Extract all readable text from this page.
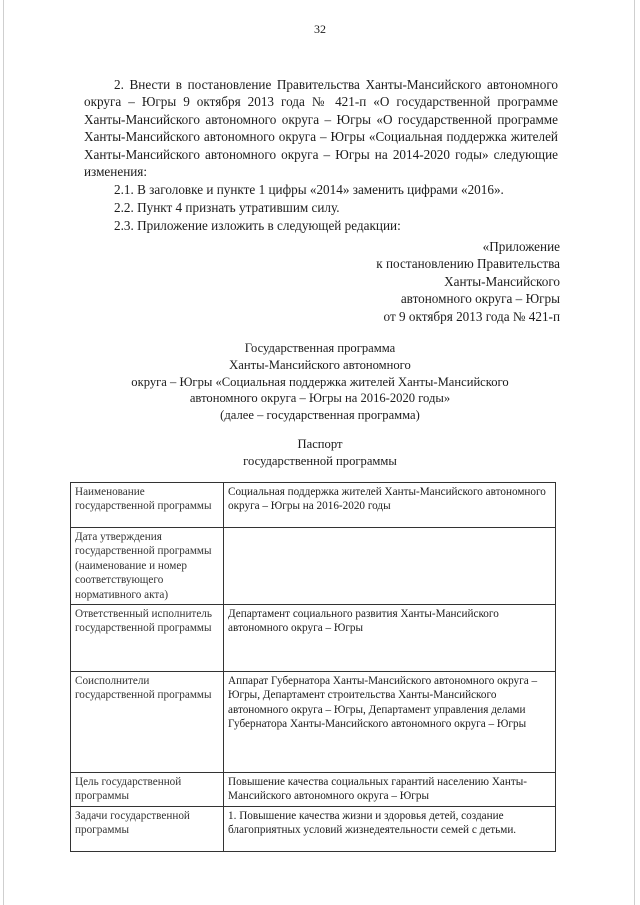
32
2. Внести в постановление Правительства Ханты-Мансийского автономного округа – Югры 9 октября 2013 года № 421-п «О государственной программе Ханты-Мансийского автономного округа – Югры «О государственной программе Ханты-Мансийского автономного округа – Югры «Социальная поддержка жителей Ханты-Мансийского автономного округа – Югры на 2014-2020 годы» следующие изменения:
2.1. В заголовке и пункте 1 цифры «2014» заменить цифрами «2016».
2.2. Пункт 4 признать утратившим силу.
2.3. Приложение изложить в следующей редакции:
«Приложение
к постановлению Правительства
Ханты-Мансийского
автономного округа – Югры
от 9 октября 2013 года № 421-п
Государственная программа
Ханты-Мансийского автономного
округа – Югры «Социальная поддержка жителей Ханты-Мансийского
автономного округа – Югры на 2016-2020 годы»
(далее – государственная программа)
Паспорт
государственной программы
Наименование государственной программы	Социальная поддержка жителей Ханты-Мансийского автономного округа – Югры на 2016-2020 годы
Дата утверждения государственной программы (наименование и номер соответствующего нормативного акта)	
Ответственный исполнитель государственной программы	Департамент социального развития Ханты-Мансийского автономного округа – Югры
Соисполнители государственной программы	Аппарат Губернатора Ханты-Мансийского автономного округа – Югры, Департамент строительства Ханты-Мансийского автономного округа – Югры, Департамент управления делами Губернатора Ханты-Мансийского автономного округа – Югры
Цель государственной программы	Повышение качества социальных гарантий населению Ханты-Мансийского автономного округа – Югры
Задачи государственной программы	1. Повышение качества жизни и здоровья детей, создание благоприятных условий жизнедеятельности семей с детьми.
